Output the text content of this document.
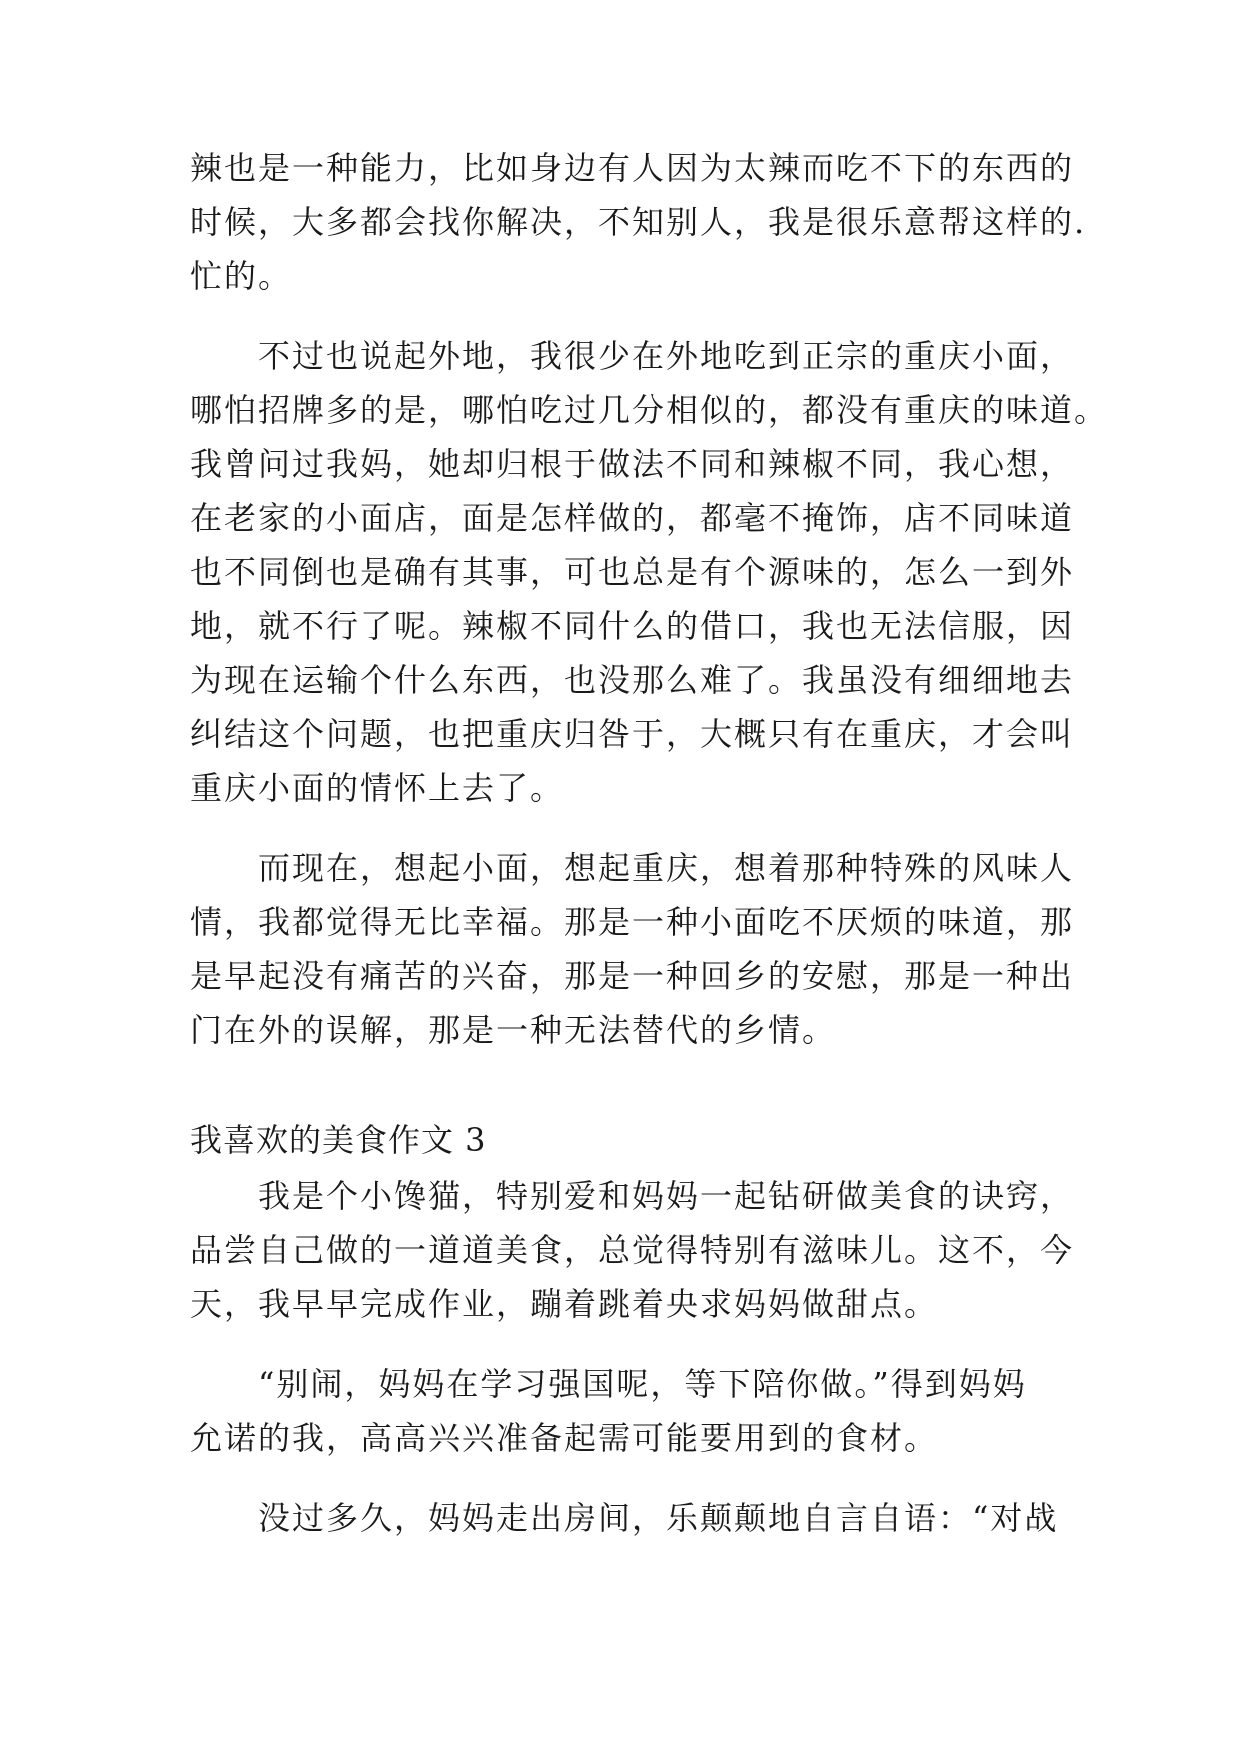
辣也是一种能力，比如身边有人因为太辣而吃不下的东西的
时候，大多都会找你解决，不知别人，我是很乐意帮这样的.
忙的。
不过也说起外地，我很少在外地吃到正宗的重庆小面，
哪怕招牌多的是，哪怕吃过几分相似的，都没有重庆的味道。
我曾问过我妈，她却归根于做法不同和辣椒不同，我心想，
在老家的小面店，面是怎样做的，都毫不掩饰，店不同味道
也不同倒也是确有其事，可也总是有个源味的，怎么一到外
地，就不行了呢。辣椒不同什么的借口，我也无法信服，因
为现在运输个什么东西，也没那么难了。我虽没有细细地去
纠结这个问题，也把重庆归咎于，大概只有在重庆，才会叫
重庆小面的情怀上去了。
而现在，想起小面，想起重庆，想着那种特殊的风味人
情，我都觉得无比幸福。那是一种小面吃不厌烦的味道，那
是早起没有痛苦的兴奋，那是一种回乡的安慰，那是一种出
门在外的误解，那是一种无法替代的乡情。
我喜欢的美食作文 3
我是个小馋猫，特别爱和妈妈一起钻研做美食的诀窍，
品尝自己做的一道道美食，总觉得特别有滋味儿。这不，今
天，我早早完成作业，蹦着跳着央求妈妈做甜点。
“别闹，妈妈在学习强国呢，等下陪你做。”得到妈妈
允诺的我，高高兴兴准备起需可能要用到的食材。
没过多久，妈妈走出房间，乐颠颠地自言自语：“对战
